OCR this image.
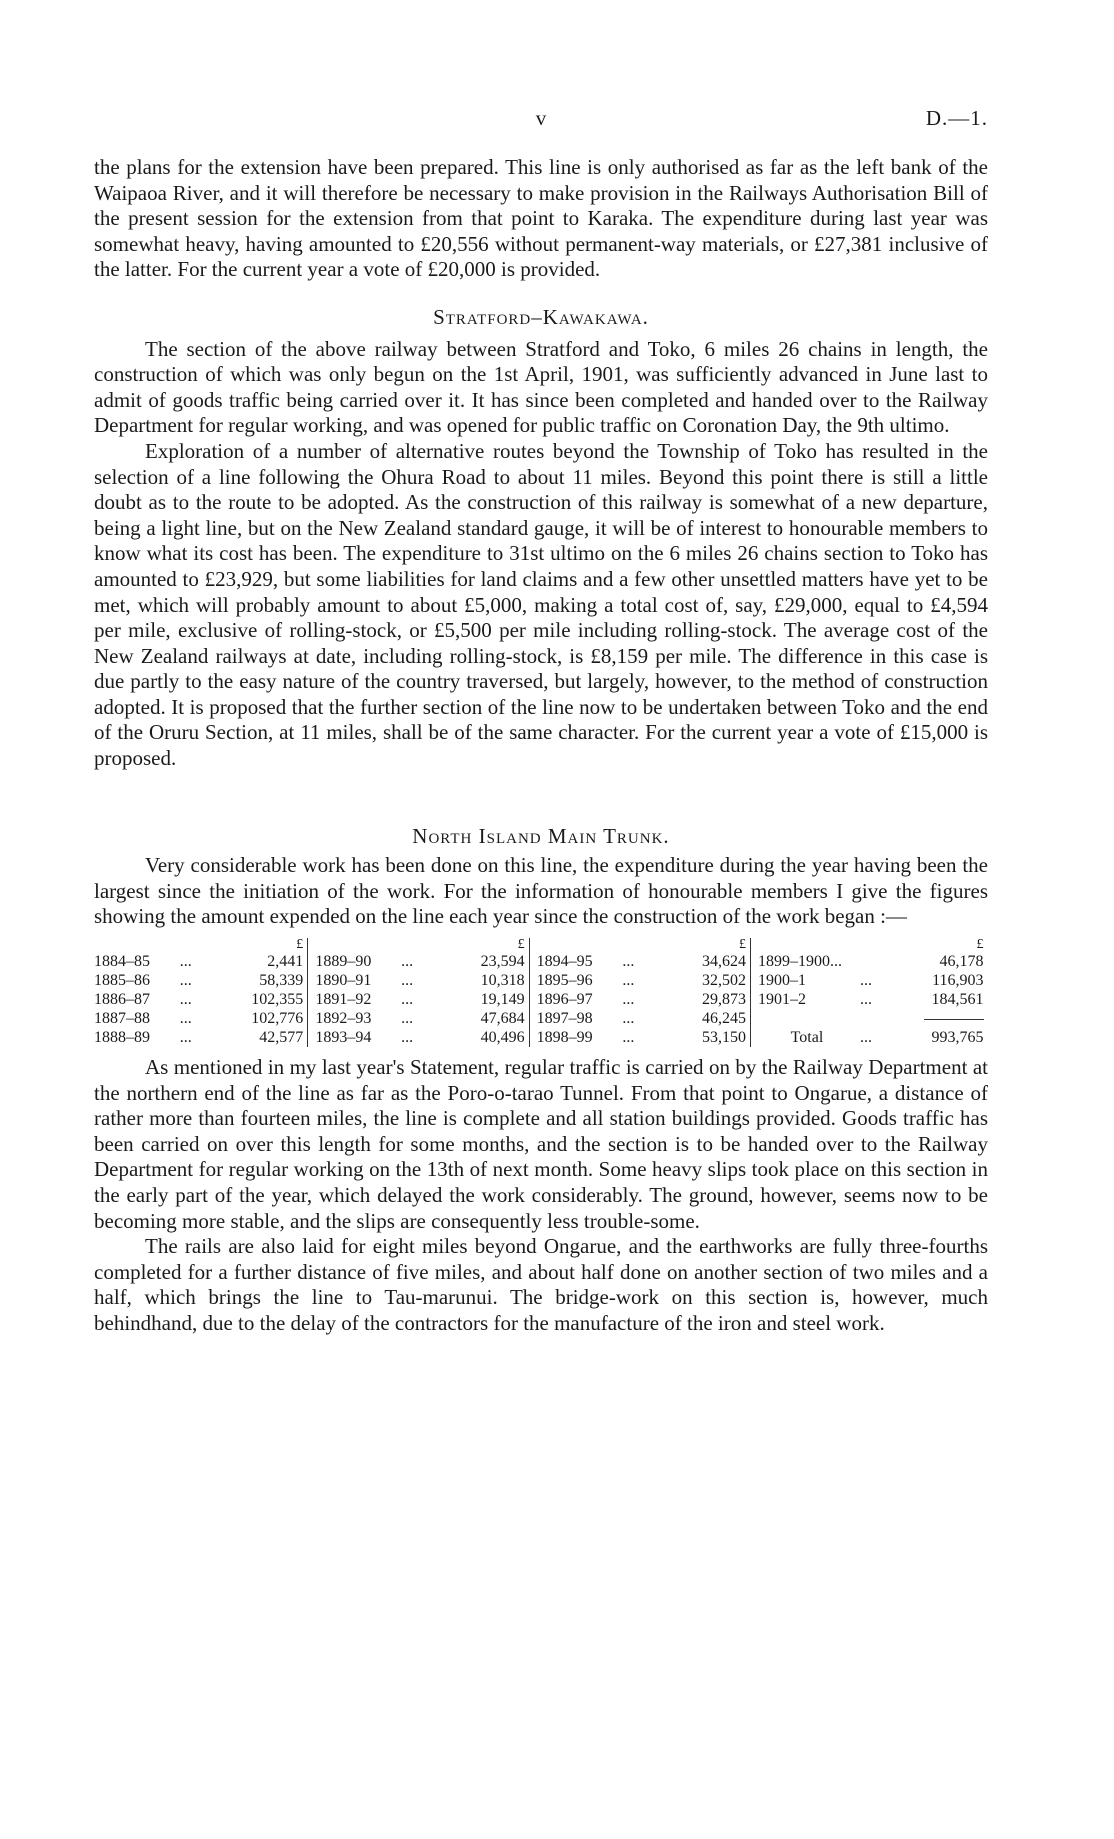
v	D.—1.

the plans for the extension have been prepared. This line is only authorised as far as the left bank of the Waipaoa River, and it will therefore be necessary to make provision in the Railways Authorisation Bill of the present session for the extension from that point to Karaka. The expenditure during last year was somewhat heavy, having amounted to £20,556 without permanent-way materials, or £27,381 inclusive of the latter. For the current year a vote of £20,000 is provided.

Stratford–Kawakawa.

The section of the above railway between Stratford and Toko, 6 miles 26 chains in length, the construction of which was only begun on the 1st April, 1901, was sufficiently advanced in June last to admit of goods traffic being carried over it. It has since been completed and handed over to the Railway Department for regular working, and was opened for public traffic on Coronation Day, the 9th ultimo.

Exploration of a number of alternative routes beyond the Township of Toko has resulted in the selection of a line following the Ohura Road to about 11 miles. Beyond this point there is still a little doubt as to the route to be adopted. As the construction of this railway is somewhat of a new departure, being a light line, but on the New Zealand standard gauge, it will be of interest to honourable members to know what its cost has been. The expenditure to 31st ultimo on the 6 miles 26 chains section to Toko has amounted to £23,929, but some liabilities for land claims and a few other unsettled matters have yet to be met, which will probably amount to about £5,000, making a total cost of, say, £29,000, equal to £4,594 per mile, exclusive of rolling-stock, or £5,500 per mile including rolling-stock. The average cost of the New Zealand railways at date, including rolling-stock, is £8,159 per mile. The difference in this case is due partly to the easy nature of the country traversed, but largely, however, to the method of construction adopted. It is proposed that the further section of the line now to be undertaken between Toko and the end of the Oruru Section, at 11 miles, shall be of the same character. For the current year a vote of £15,000 is proposed.

North Island Main Trunk.

Very considerable work has been done on this line, the expenditure during the year having been the largest since the initiation of the work. For the information of honourable members I give the figures showing the amount expended on the line each year since the construction of the work began :—

		£				£				£				£
1884–85	...	2,441		1889–90	...	23,594		1894–95	...	34,624		1899–1900...		46,178
1885–86	...	58,339		1890–91	...	10,318		1895–96	...	32,502		1900–1	...	116,903
1886–87	...	102,355		1891–92	...	19,149		1896–97	...	29,873		1901–2	...	184,561
1887–88	...	102,776		1892–93	...	47,684		1897–98	...	46,245				
1888–89	...	42,577		1893–94	...	40,496		1898–99	...	53,150		Total	...	993,765

As mentioned in my last year's Statement, regular traffic is carried on by the Railway Department at the northern end of the line as far as the Poro-o-tarao Tunnel. From that point to Ongarue, a distance of rather more than fourteen miles, the line is complete and all station buildings provided. Goods traffic has been carried on over this length for some months, and the section is to be handed over to the Railway Department for regular working on the 13th of next month. Some heavy slips took place on this section in the early part of the year, which delayed the work considerably. The ground, however, seems now to be becoming more stable, and the slips are consequently less trouble-some.

The rails are also laid for eight miles beyond Ongarue, and the earthworks are fully three-fourths completed for a further distance of five miles, and about half done on another section of two miles and a half, which brings the line to Tau-marunui. The bridge-work on this section is, however, much behindhand, due to the delay of the contractors for the manufacture of the iron and steel work.
